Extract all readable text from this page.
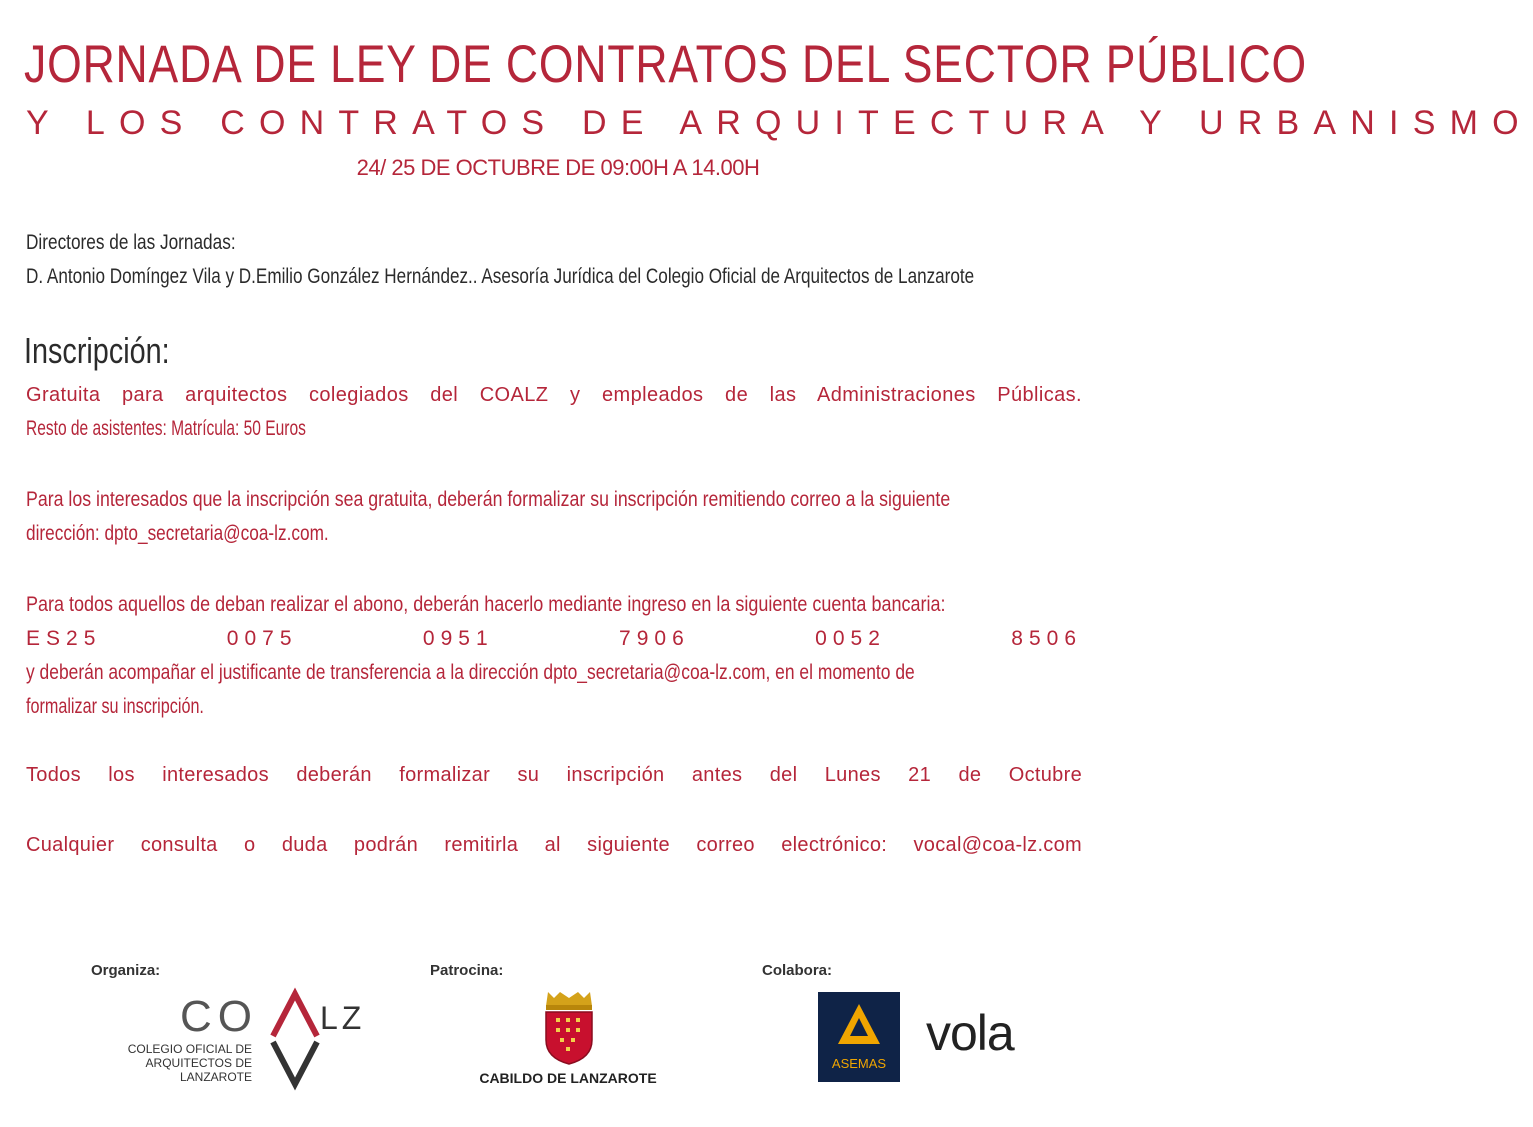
JORNADA DE LEY DE CONTRATOS DEL SECTOR PÚBLICO
Y LOS CONTRATOS DE ARQUITECTURA Y URBANISMO
24/ 25 DE OCTUBRE DE 09:00H A 14.00H
Directores de las Jornadas:
D. Antonio Domíngez Vila y D.Emilio González Hernández.. Asesoría Jurídica del Colegio Oficial de Arquitectos de Lanzarote
Inscripción:
Gratuita para arquitectos colegiados del COALZ y empleados de las Administraciones Públicas.
Resto de asistentes: Matrícula: 50 Euros
Para los interesados que la inscripción sea gratuita, deberán formalizar su inscripción remitiendo correo a la siguiente
dirección: dpto_secretaria@coa-lz.com.
Para todos aquellos de deban realizar el abono, deberán hacerlo mediante ingreso en la siguiente cuenta bancaria:
ES25	0075	0951	7906	0052	8506
y deberán acompañar el justificante de transferencia a la dirección dpto_secretaria@coa-lz.com, en el momento de
formalizar su inscripción.
Todos los interesados deberán formalizar su inscripción antes del Lunes 21 de Octubre
Cualquier consulta o duda podrán remitirla al siguiente correo electrónico: vocal@coa-lz.com
Organiza:	Patrocina:	Colabora:
CO LZ
COLEGIO OFICIAL DE
ARQUITECTOS DE
LANZAROTE	CABILDO DE LANZAROTE
ASEMAS
vola
